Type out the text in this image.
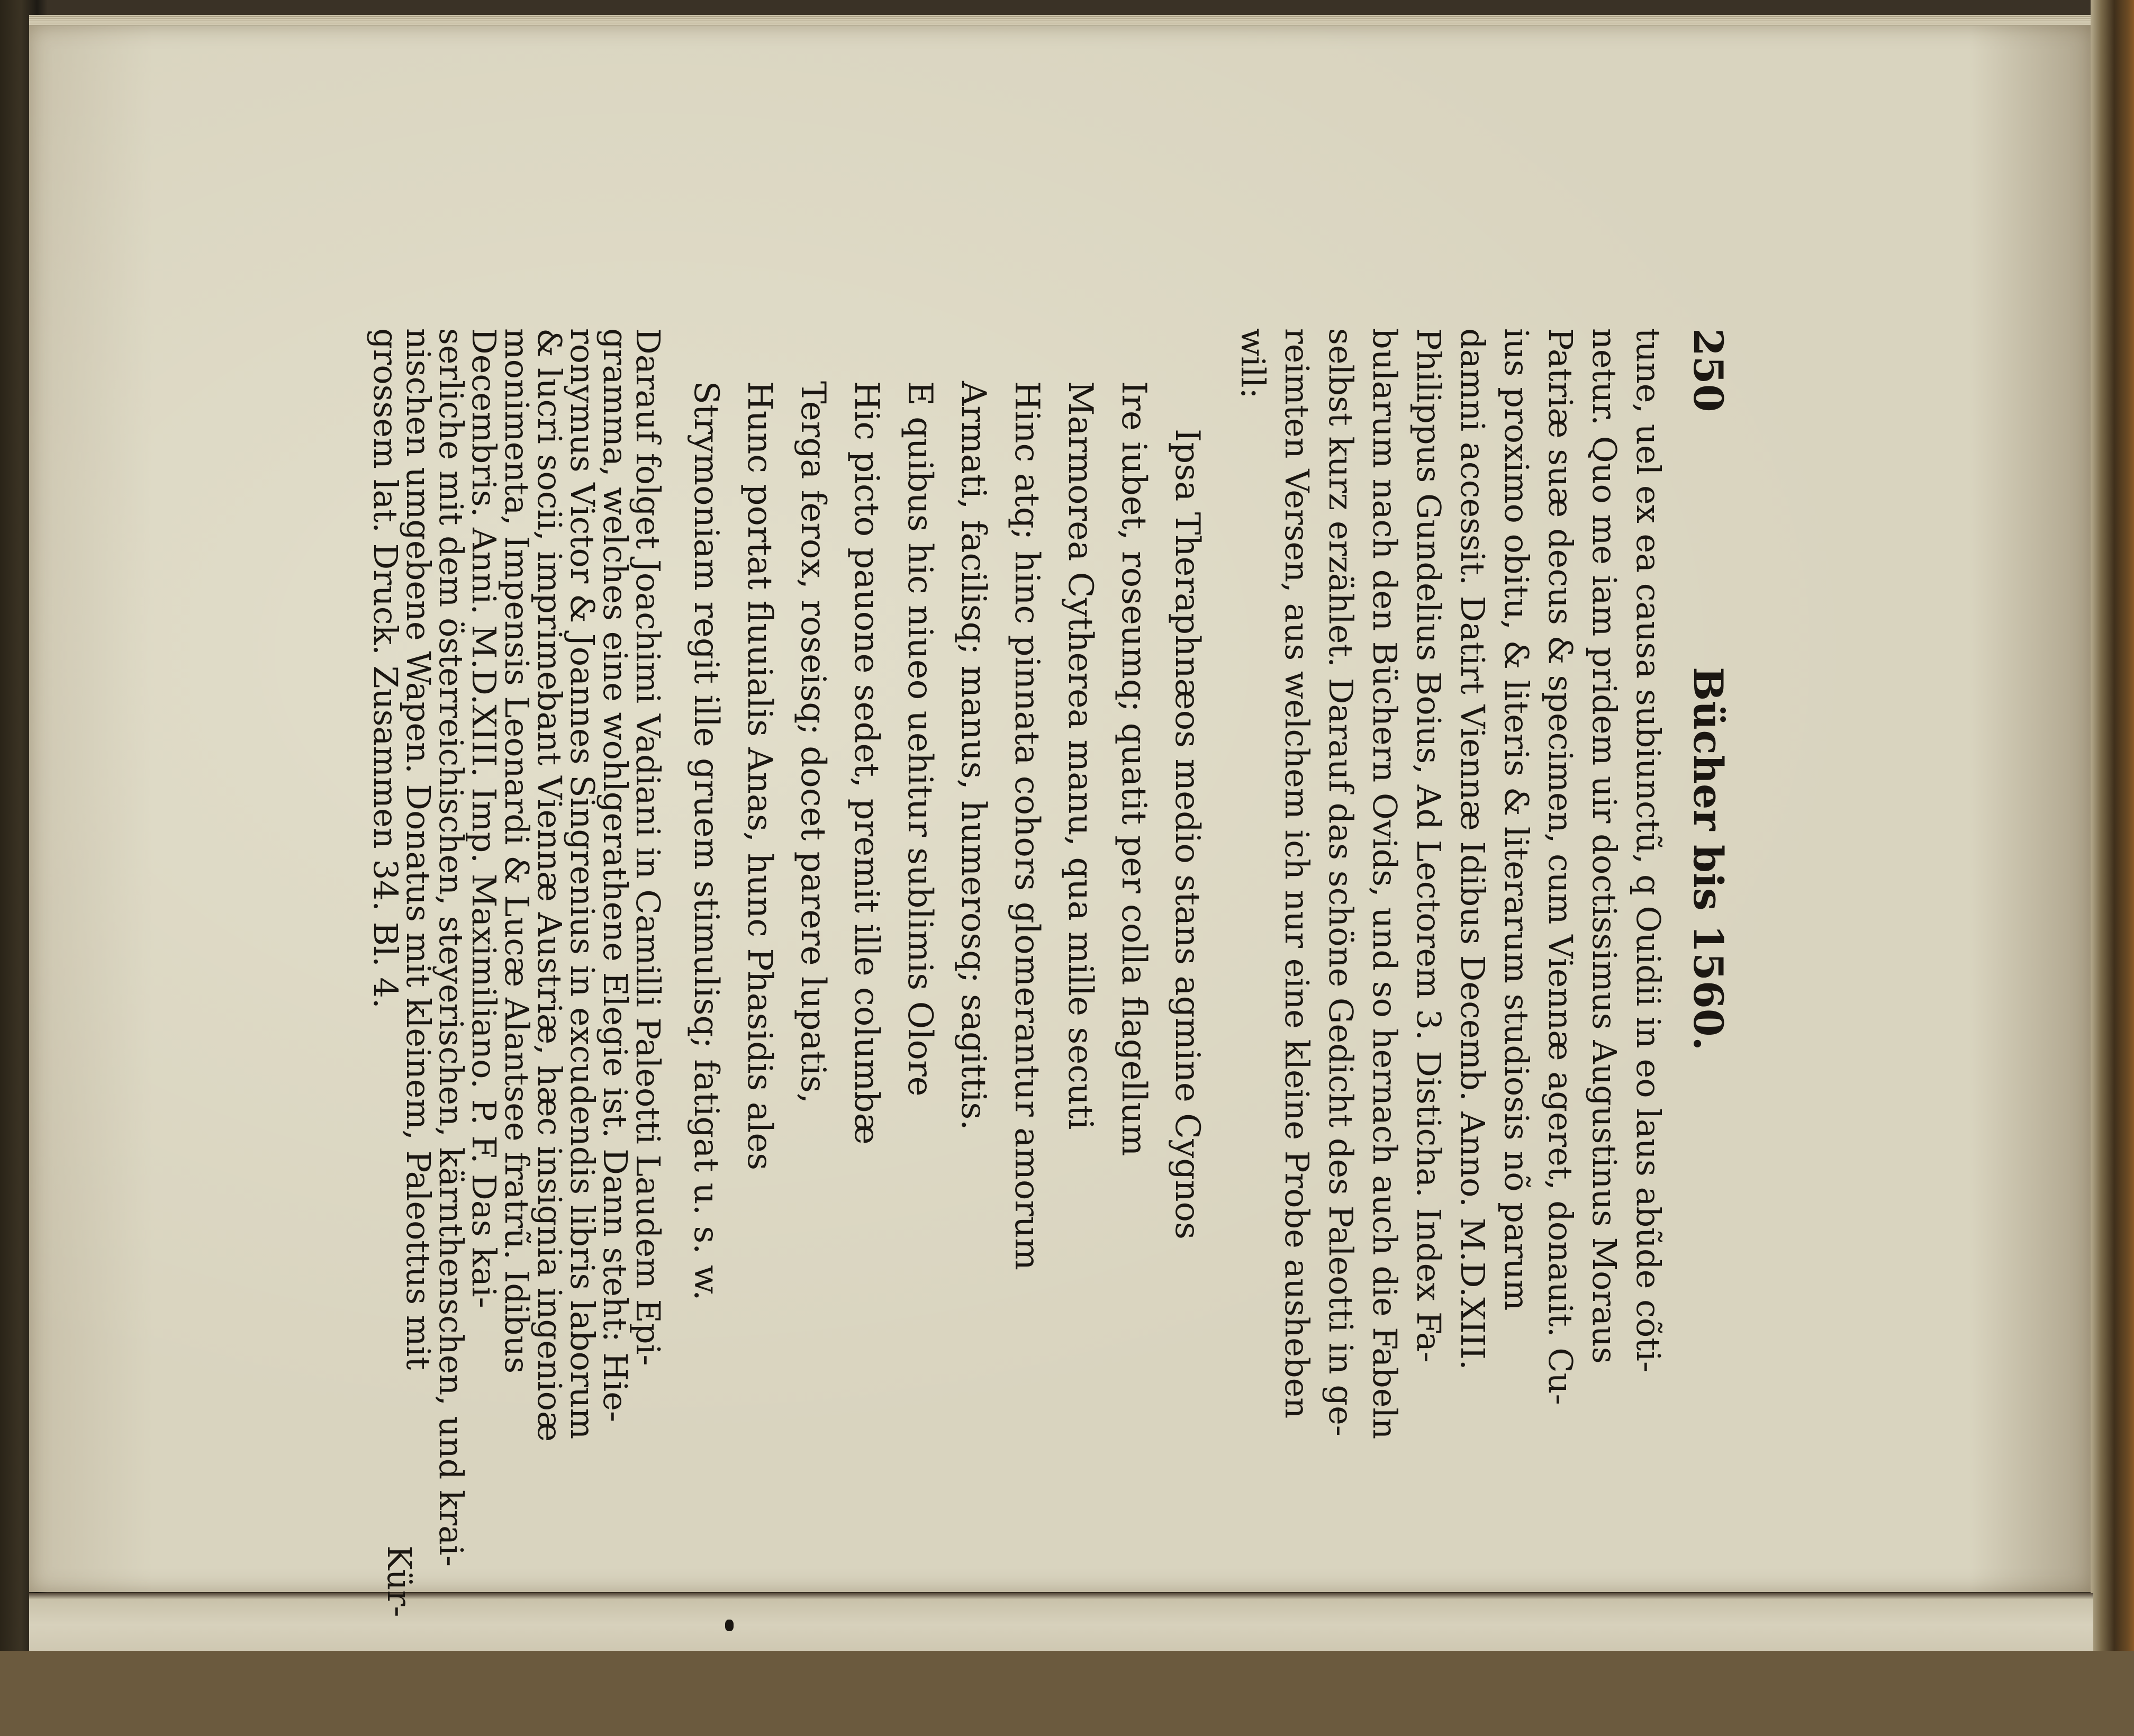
250
Bücher bis 1560.
tune, uel ex ea causa subiunctũ, q Ouidii in eo laus abũde cõti-
netur. Quo me iam pridem uir doctissimus Augustinus Moraus
Patriæ suæ decus & specimen, cum Viennæ ageret, donauit. Cu-
ius proximo obitu, & literis & literarum studiosis nõ parum
damni accessit. Datirt Viennæ Idibus Decemb. Anno. M.D.XIII.
Philippus Gundelius Boius, Ad Lectorem 3. Disticha. Index Fa-
bularum nach den Büchern Ovids, und so hernach auch die Fabeln
selbst kurz erzählet. Darauf das schöne Gedicht des Paleotti in ge-
reimten Versen, aus welchem ich nur eine kleine Probe ausheben
will:
Ipsa Theraphnæos medio stans agmine Cygnos
Ire iubet, roseumq; quatit per colla flagellum
Marmorea Cytherea manu, qua mille secuti
Hinc atq; hinc pinnata cohors glomerantur amorum
Armati, facilisq; manus, humerosq; sagittis.
E quibus hic niueo uehitur sublimis Olore
Hic picto pauone sedet, premit ille columbæ
Terga ferox, roseisq; docet parere lupatis,
Hunc portat fluuialis Anas, hunc Phasidis ales
Strymoniam regit ille gruem stimulisq; fatigat u. s. w.
Darauf folget Joachimi Vadiani in Camilli Paleotti Laudem Epi-
gramma, welches eine wohlgerathene Elegie ist. Dann steht: Hie-
ronymus Victor & Joannes Singrenius in excudendis libris laborum
& lucri socii, imprimebant Viennæ Austriæ, hæc insignia ingenioæ
monimenta, Impensis Leonardi & Lucæ Alantsee fratrũ. Idibus
Decembris. Anni. M.D.XIII. Imp. Maximiliano. P. F. Das kai-
serliche mit dem österreichischen, steyerischen, kärnthenschen, und krai-
nischen umgebene Wapen. Donatus mit kleinem, Paleottus mit
grossem lat. Druck. Zusammen 34. Bl. 4.
Kür-
